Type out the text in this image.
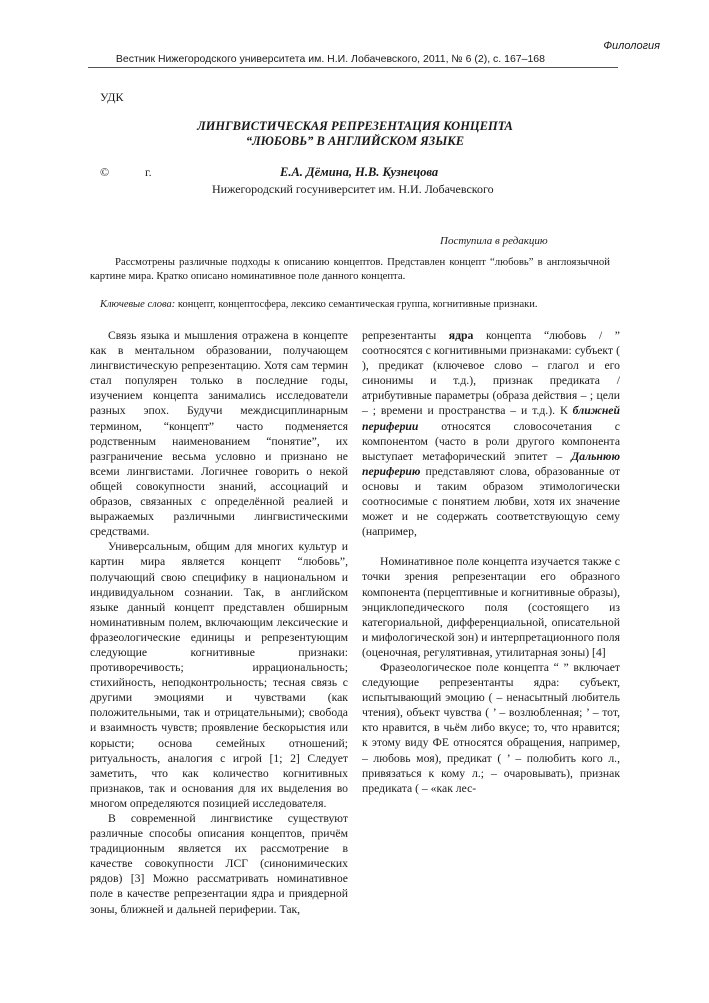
Филология
Вестник Нижегородского университета им. Н.И. Лобачевского, 2011, № 6 (2), с. 167–168
УДК
ЛИНГВИСТИЧЕСКАЯ РЕПРЕЗЕНТАЦИЯ КОНЦЕПТА
“ЛЮБОВЬ” В АНГЛИЙСКОМ ЯЗЫКЕ
©	г.	Е.А. Дёмина, Н.В. Кузнецова
Нижегородский госуниверситет им. Н.И. Лобачевского
Поступила в редакцию
Рассмотрены различные подходы к описанию концептов. Представлен концепт “любовь” в англоязычной картине мира. Кратко описано номинативное поле данного концепта.
Ключевые слова: концепт, концептосфера, лексико семантическая группа, когнитивные признаки.

Связь языка и мышления отражена в концепте как в ментальном образовании, получающем лингвистическую репрезентацию. Хотя сам термин стал популярен только в последние годы, изучением концепта занимались исследователи разных эпох. Будучи междисциплинарным термином, “концепт” часто подменяется родственным наименованием “понятие”, их разграничение весьма условно и признано не всеми лингвистами. Логичнее говорить о некой общей совокупности знаний, ассоциаций и образов, связанных с определённой реалией и выражаемых различными лингвистическими средствами.

Универсальным, общим для многих культур и картин мира является концепт “любовь”, получающий свою специфику в национальном и индивидуальном сознании. Так, в английском языке данный концепт представлен обширным номинативным полем, включающим лексические и фразеологические единицы и репрезентующим следующие когнитивные признаки: противоречивость; иррациональность; стихийность, неподконтрольность; тесная связь с другими эмоциями и чувствами (как положительными, так и отрицательными); свобода и взаимность чувств; проявление бескорыстия или корысти; основа семейных отношений; ритуальность, аналогия с игрой [1; 2] Следует заметить, что как количество когнитивных признаков, так и основания для их выделения во многом определяются позицией исследователя.

В современной лингвистике существуют различные способы описания концептов, причём традиционным является их рассмотрение в качестве совокупности ЛСГ (синонимических рядов) [3] Можно рассматривать номинативное поле в качестве репрезентации ядра и приядерной зоны, ближней и дальней периферии. Так,

репрезентанты ядра концепта “любовь / ” соотносятся с когнитивными признаками: субъект ( ), предикат (ключевое слово – глагол и его синонимы и т.д.), признак предиката / атрибутивные параметры (образа действия – ; цели – ; времени и пространства – и т.д.). К ближней периферии относятся словосочетания с компонентом (часто в роли другого компонента выступает метафорический эпитет – Дальнюю периферию представляют слова, образованные от основы и таким образом этимологически соотносимые с понятием любви, хотя их значение может и не содержать соответствующую сему (например,

Номинативное поле концепта изучается также с точки зрения репрезентации его образного компонента (перцептивные и когнитивные образы), энциклопедического поля (состоящего из категориальной, дифференциальной, описательной и мифологической зон) и интерпретационного поля (оценочная, регулятивная, утилитарная зоны) [4]

Фразеологическое поле концепта “ ” включает следующие репрезентанты ядра: субъект, испытывающий эмоцию ( – ненасытный любитель чтения), объект чувства ( ’ – возлюбленная; ’ – тот, кто нравится, в чьём либо вкусе; то, что нравится; к этому виду ФЕ относятся обращения, например, – любовь моя), предикат ( ’ – полюбить кого л., привязаться к кому л.; – очаровывать), признак предиката ( – «как лес-
